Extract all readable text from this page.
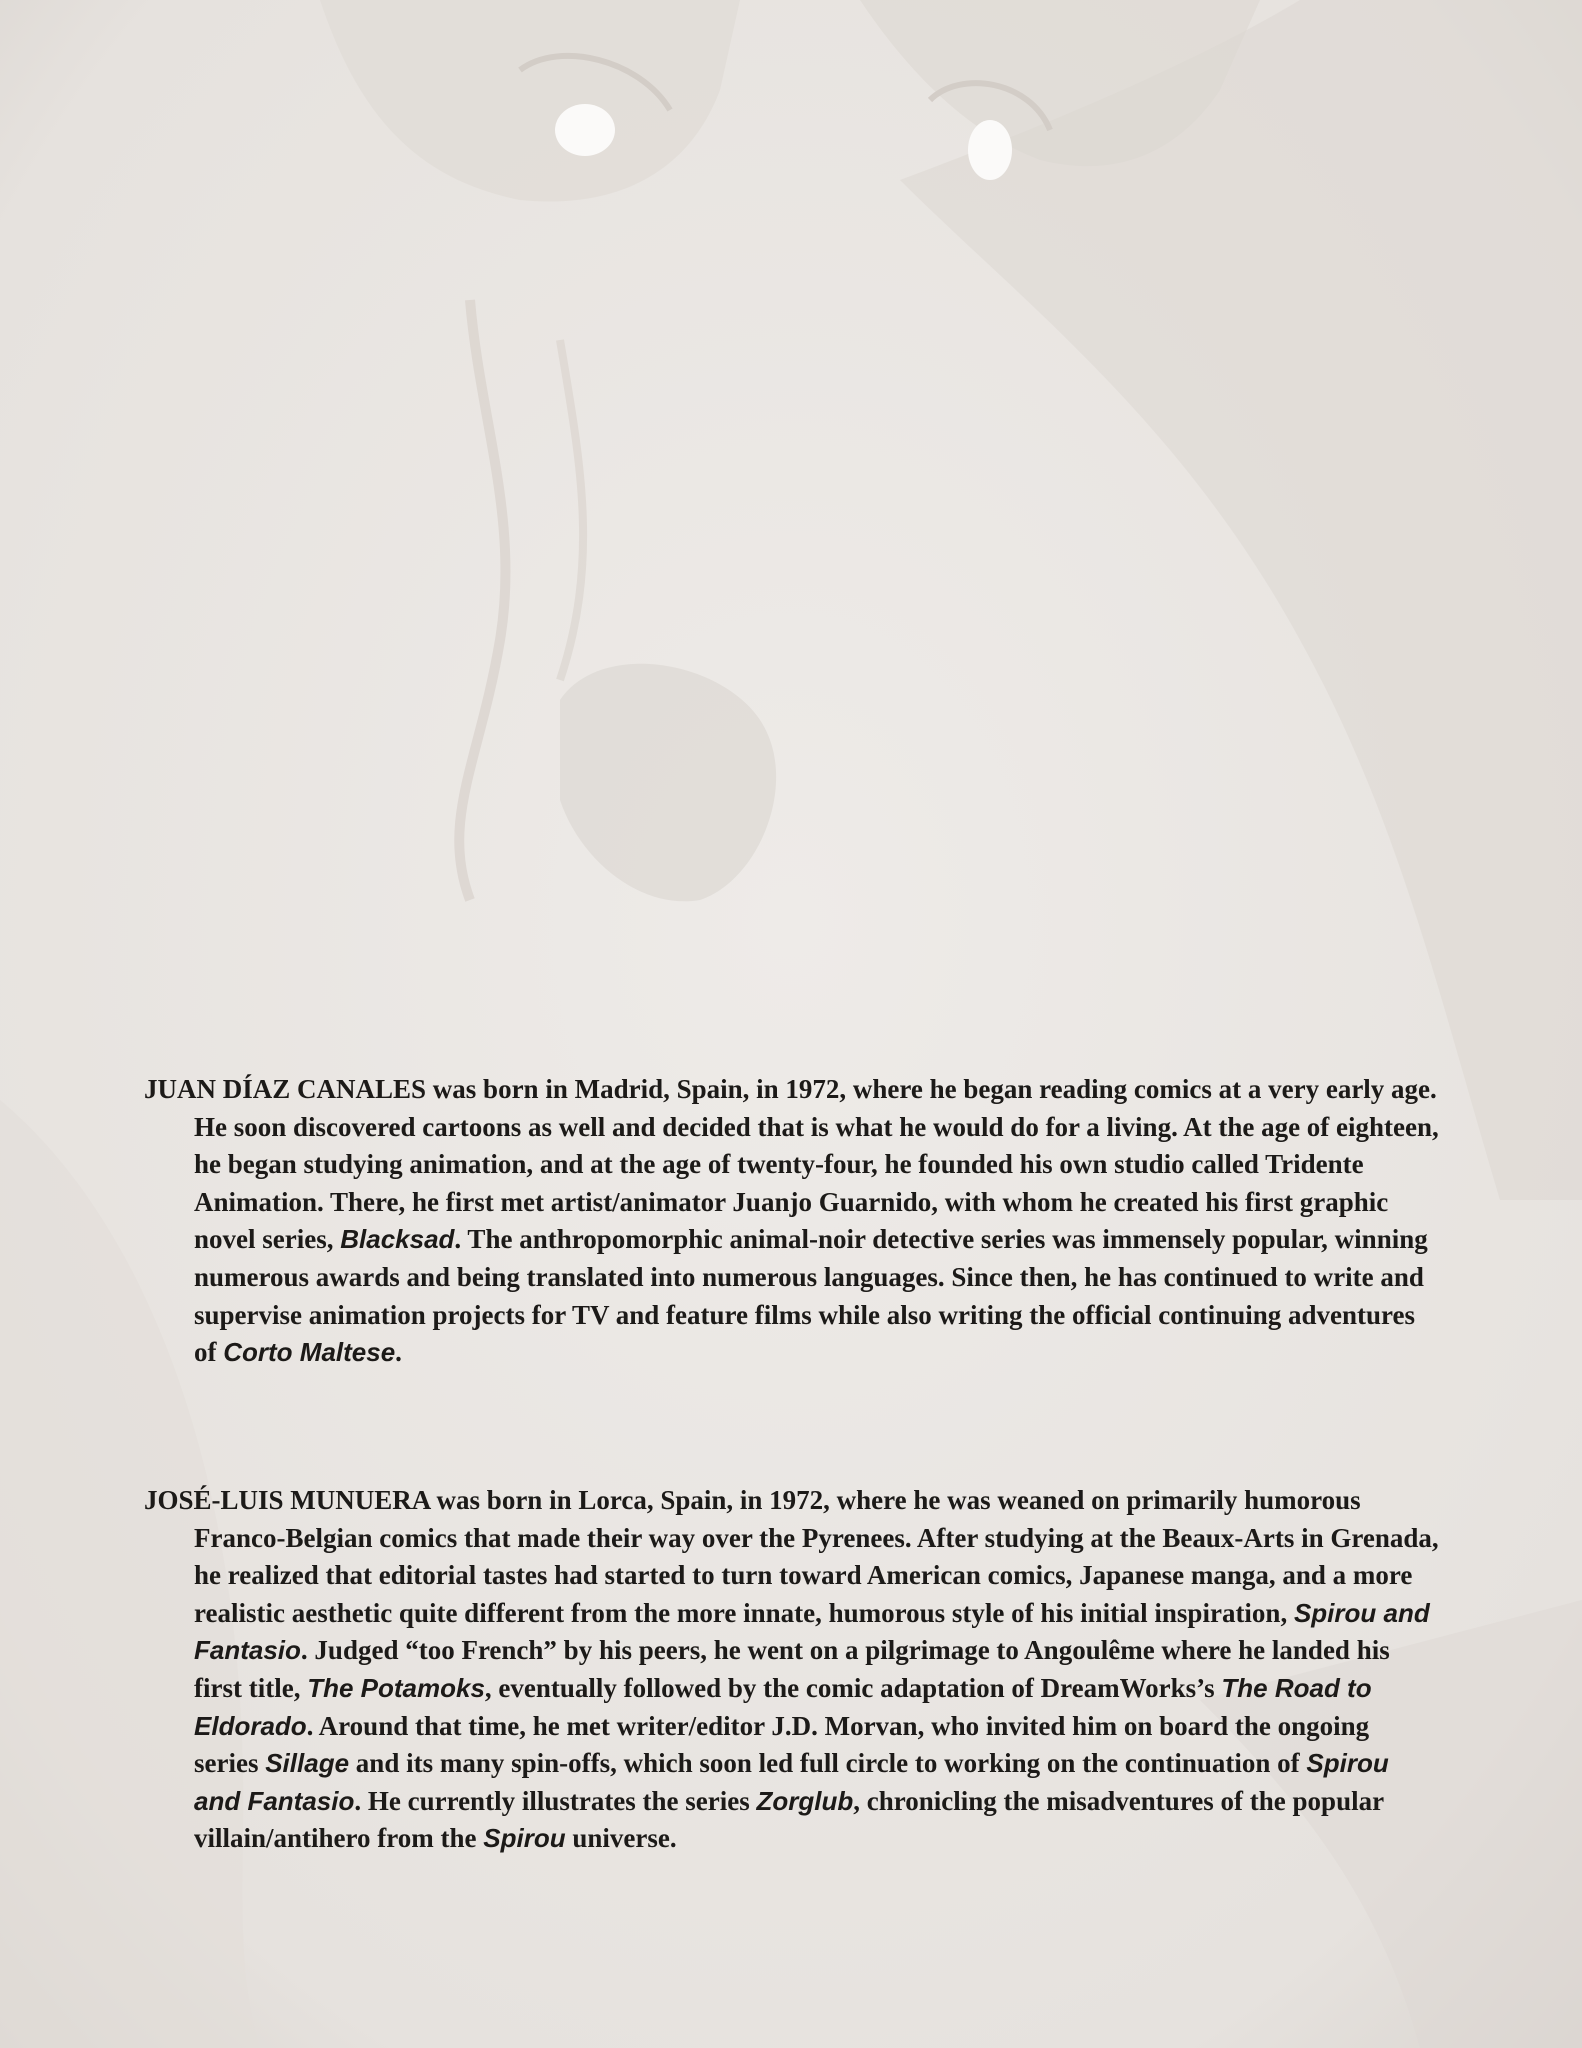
JUAN DÍAZ CANALES was born in Madrid, Spain, in 1972, where he began reading comics at a very early age. He soon discovered cartoons as well and decided that is what he would do for a living. At the age of eighteen, he began studying animation, and at the age of twenty-four, he founded his own studio called Tridente Animation. There, he first met artist/animator Juanjo Guarnido, with whom he created his first graphic novel series, Blacksad. The anthropomorphic animal-noir detective series was immensely popular, winning numerous awards and being translated into numerous languages. Since then, he has continued to write and supervise animation projects for TV and feature films while also writing the official continuing adventures of Corto Maltese.
JOSÉ-LUIS MUNUERA was born in Lorca, Spain, in 1972, where he was weaned on primarily humorous Franco-Belgian comics that made their way over the Pyrenees. After studying at the Beaux-Arts in Grenada, he realized that editorial tastes had started to turn toward American comics, Japanese manga, and a more realistic aesthetic quite different from the more innate, humorous style of his initial inspiration, Spirou and Fantasio. Judged “too French” by his peers, he went on a pilgrimage to Angoulême where he landed his first title, The Potamoks, eventually followed by the comic adaptation of DreamWorks’s The Road to Eldorado. Around that time, he met writer/editor J.D. Morvan, who invited him on board the ongoing series Sillage and its many spin-offs, which soon led full circle to working on the continuation of Spirou and Fantasio. He currently illustrates the series Zorglub, chronicling the misadventures of the popular villain/antihero from the Spirou universe.
